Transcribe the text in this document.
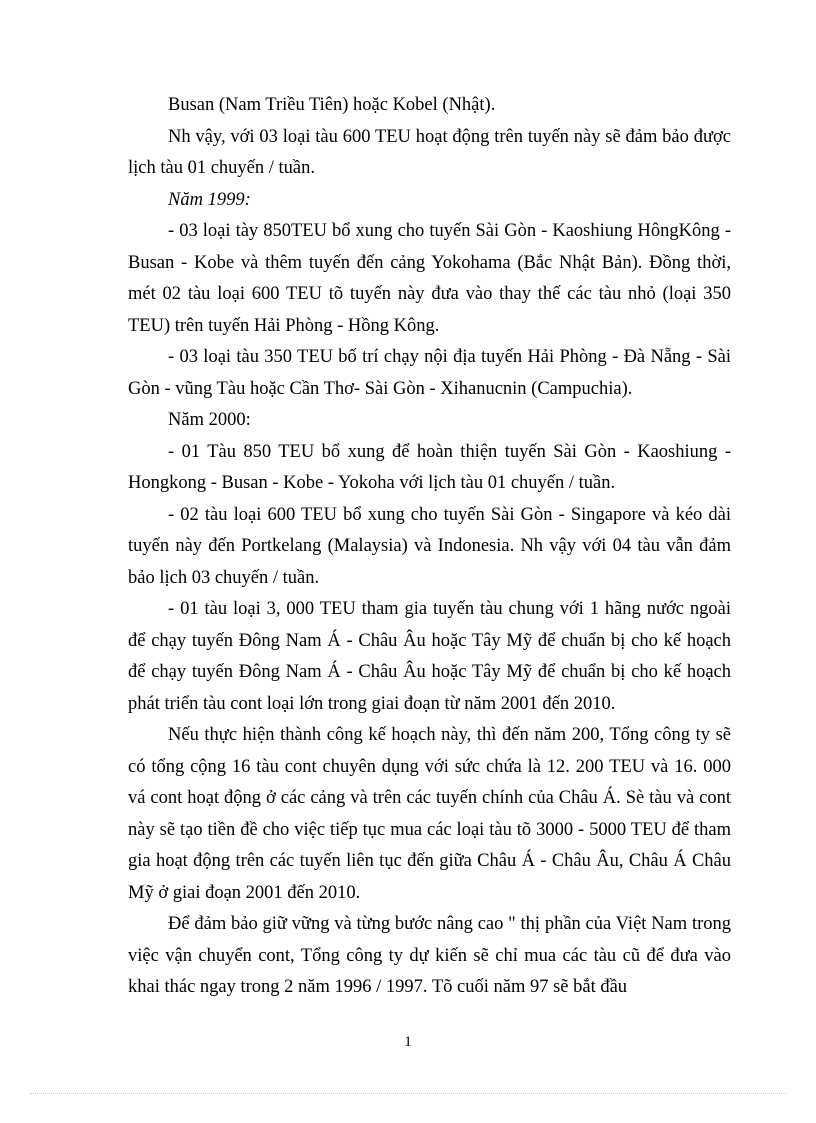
Busan (Nam Triều Tiên) hoặc Kobel (Nhật).

Nh vậy, với 03 loại tàu 600 TEU hoạt động trên tuyến này sẽ đảm bảo được lịch tàu 01 chuyến / tuần.

Năm 1999:

- 03 loại tày 850TEU bổ xung cho tuyến Sài Gòn - Kaoshiung HôngKông - Busan - Kobe và thêm tuyến đến cảng Yokohama (Bắc Nhật Bản). Đồng thời, mét 02 tàu loại 600 TEU tõ tuyến này đưa vào thay thế các tàu nhỏ (loại 350 TEU) trên tuyến Hải Phòng - Hồng Kông.

- 03 loại tàu 350 TEU bố trí chạy nội địa tuyến Hải Phòng - Đà Nẵng - Sài Gòn - vũng Tàu hoặc Cần Thơ- Sài Gòn - Xihanucnin (Campuchia).

Năm 2000:

- 01 Tàu 850 TEU bổ xung để hoàn thiện tuyến Sài Gòn - Kaoshiung - Hongkong - Busan - Kobe - Yokoha với lịch tàu 01 chuyến / tuần.

- 02 tàu loại 600 TEU bổ xung cho tuyến Sài Gòn - Singapore và kéo dài tuyến này đến Portkelang (Malaysia) và Indonesia. Nh vậy với 04 tàu vẫn đảm bảo lịch 03 chuyến / tuần.

- 01 tàu loại 3, 000 TEU tham gia tuyến tàu chung với 1 hãng nước ngoài để chạy tuyến Đông Nam Á - Châu Âu hoặc Tây Mỹ để chuẩn bị cho kế hoạch để chạy tuyến Đông Nam Á - Châu Âu hoặc Tây Mỹ để chuẩn bị cho kế hoạch phát triển tàu cont loại lớn trong giai đoạn từ năm 2001 đến 2010.

Nếu thực hiện thành công kế hoạch này, thì đến năm 200, Tổng công ty sẽ có tổng cộng 16 tàu cont chuyên dụng với sức chứa là 12. 200 TEU và 16. 000 vá cont hoạt động ở các cảng và trên các tuyến chính của Châu Á. Sè tàu và cont này sẽ tạo tiền đề cho việc tiếp tục mua các loại tàu tõ 3000 - 5000 TEU để tham gia hoạt động trên các tuyến liên tục đến giữa Châu Á - Châu Âu, Châu Á Châu Mỹ ở giai đoạn 2001 đến 2010.

Để đảm bảo giữ vững và từng bước nâng cao " thị phần của Việt Nam trong việc vận chuyển cont, Tổng công ty dự kiến sẽ chỉ mua các tàu cũ để đưa vào khai thác ngay trong 2 năm 1996 / 1997. Tõ cuối năm 97 sẽ bắt đầu

1
